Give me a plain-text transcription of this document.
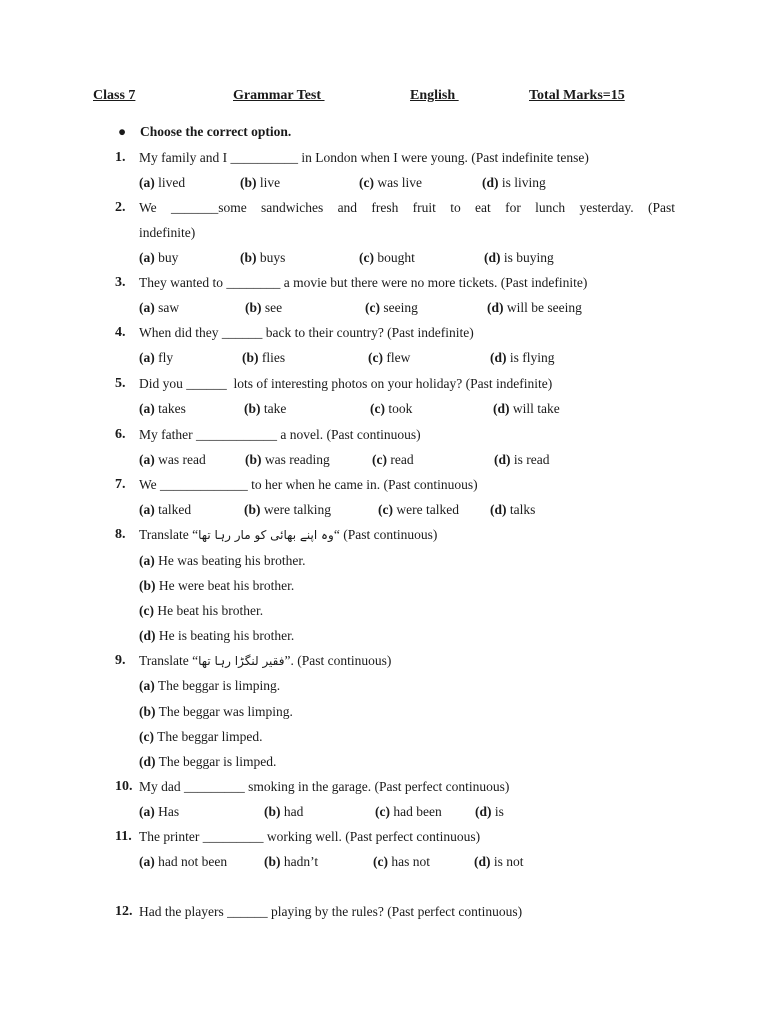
Class 7	Grammar Test	English	Total Marks=15
● Choose the correct option.
1. My family and I __________ in London when I were young. (Past indefinite tense)
(a) lived	(b) live	(c) was live	(d) is living
2. We _______some sandwiches and fresh fruit to eat for lunch yesterday. (Past
indefinite)
(a) buy	(b) buys	(c) bought	(d) is buying
3. They wanted to ________ a movie but there were no more tickets. (Past indefinite)
(a) saw	(b) see	(c) seeing	(d) will be seeing
4. When did they ______ back to their country? (Past indefinite)
(a) fly	(b) flies	(c) flew	(d) is flying
5. Did you ______  lots of interesting photos on your holiday? (Past indefinite)
(a) takes	(b) take	(c) took	(d) will take
6. My father ____________ a novel. (Past continuous)
(a) was read	(b) was reading	(c) read	(d) is read
7. We _____________ to her when he came in. (Past continuous)
(a) talked	(b) were talking	(c) were talked (d) talks
8. Translate “وہ اپنے بھائی کو مار رہا تھا“ (Past continuous)
(a) He was beating his brother.
(b) He were beat his brother.
(c) He beat his brother.
(d) He is beating his brother.
9. Translate “فقیر لنگڑا رہا تھا”. (Past continuous)
(a) The beggar is limping.
(b) The beggar was limping.
(c) The beggar limped.
(d) The beggar is limped.
10. My dad _________ smoking in the garage. (Past perfect continuous)
(a) Has	(b) had	(c) had been (d) is
11. The printer _________ working well. (Past perfect continuous)
(a) had not been	(b) hadn’t	(c) has not	(d) is not
12. Had the players ______ playing by the rules? (Past perfect continuous)
